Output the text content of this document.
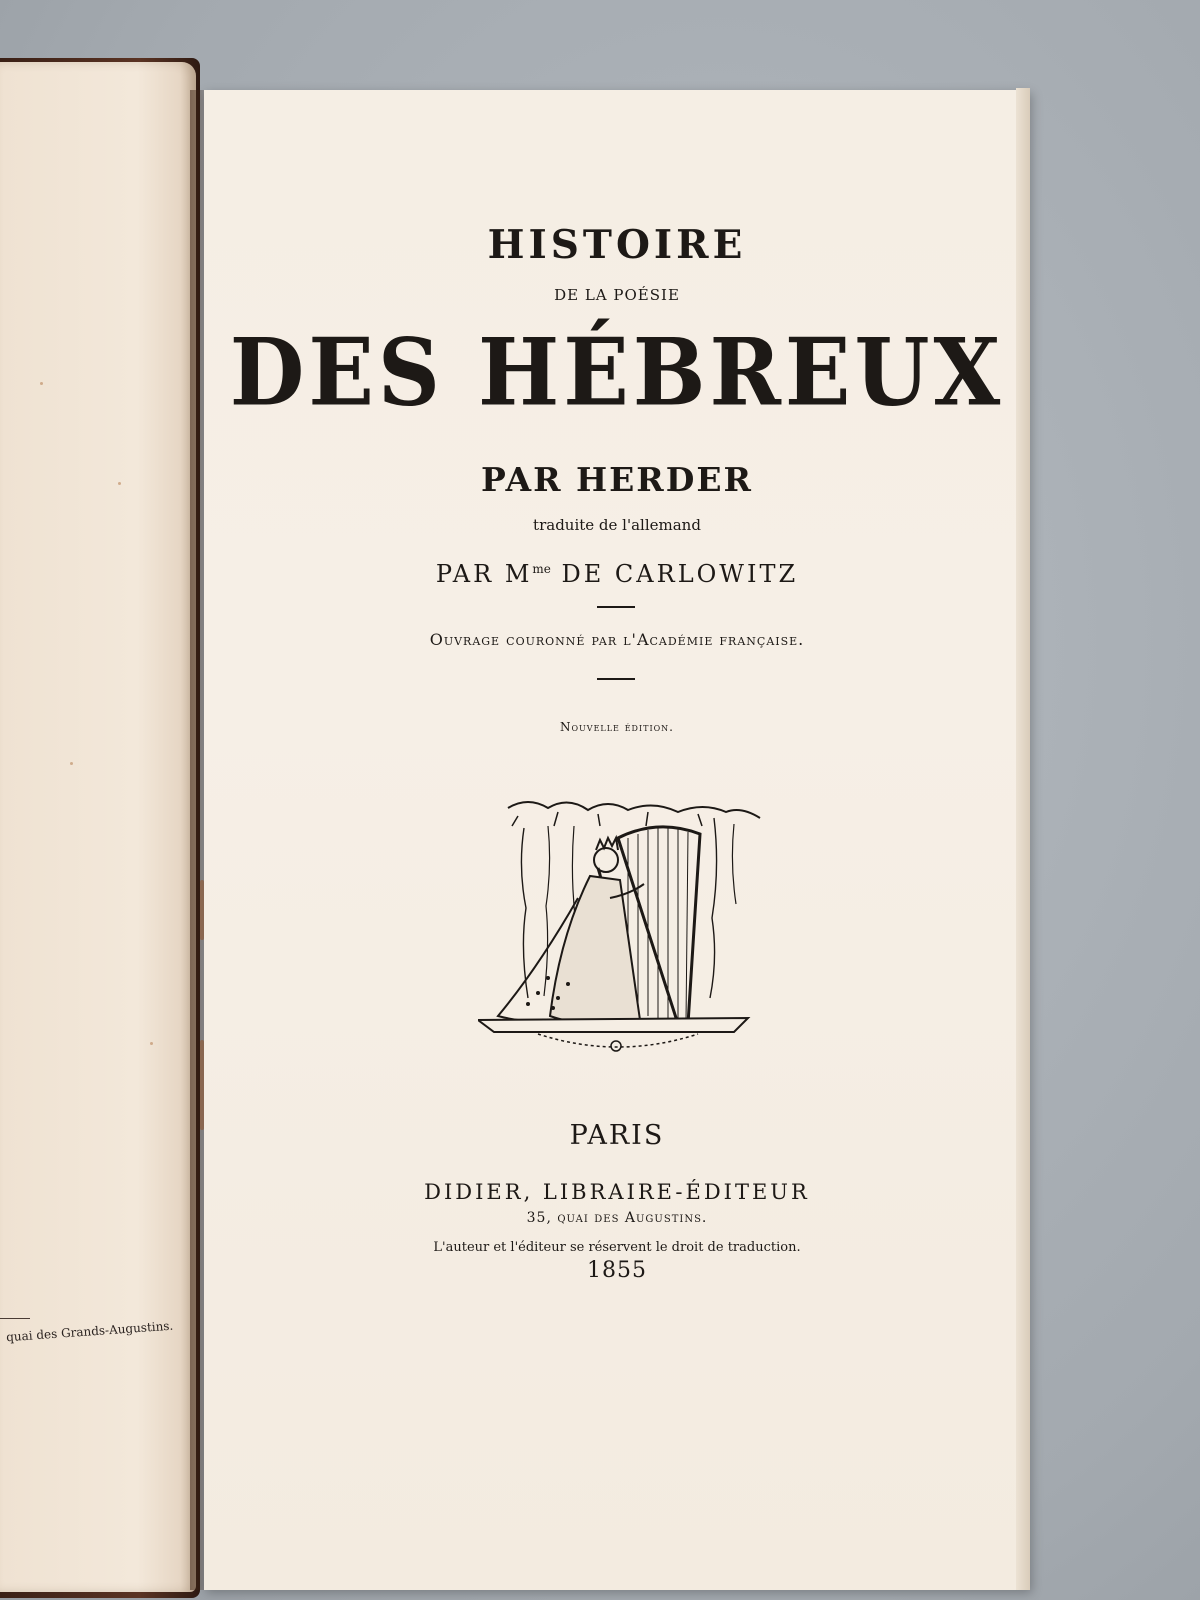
quai des Grands-Augustins.
HISTOIRE
DE LA POÉSIE
DES HÉBREUX
PAR HERDER
traduite de l'allemand
PAR $M^{me}$ DE CARLOWITZ
Ouvrage couronné par l'Académie française.
Nouvelle édition.
PARIS
DIDIER, LIBRAIRE-ÉDITEUR
35, quai des Augustins.
L'auteur et l'éditeur se réservent le droit de traduction.
1855
